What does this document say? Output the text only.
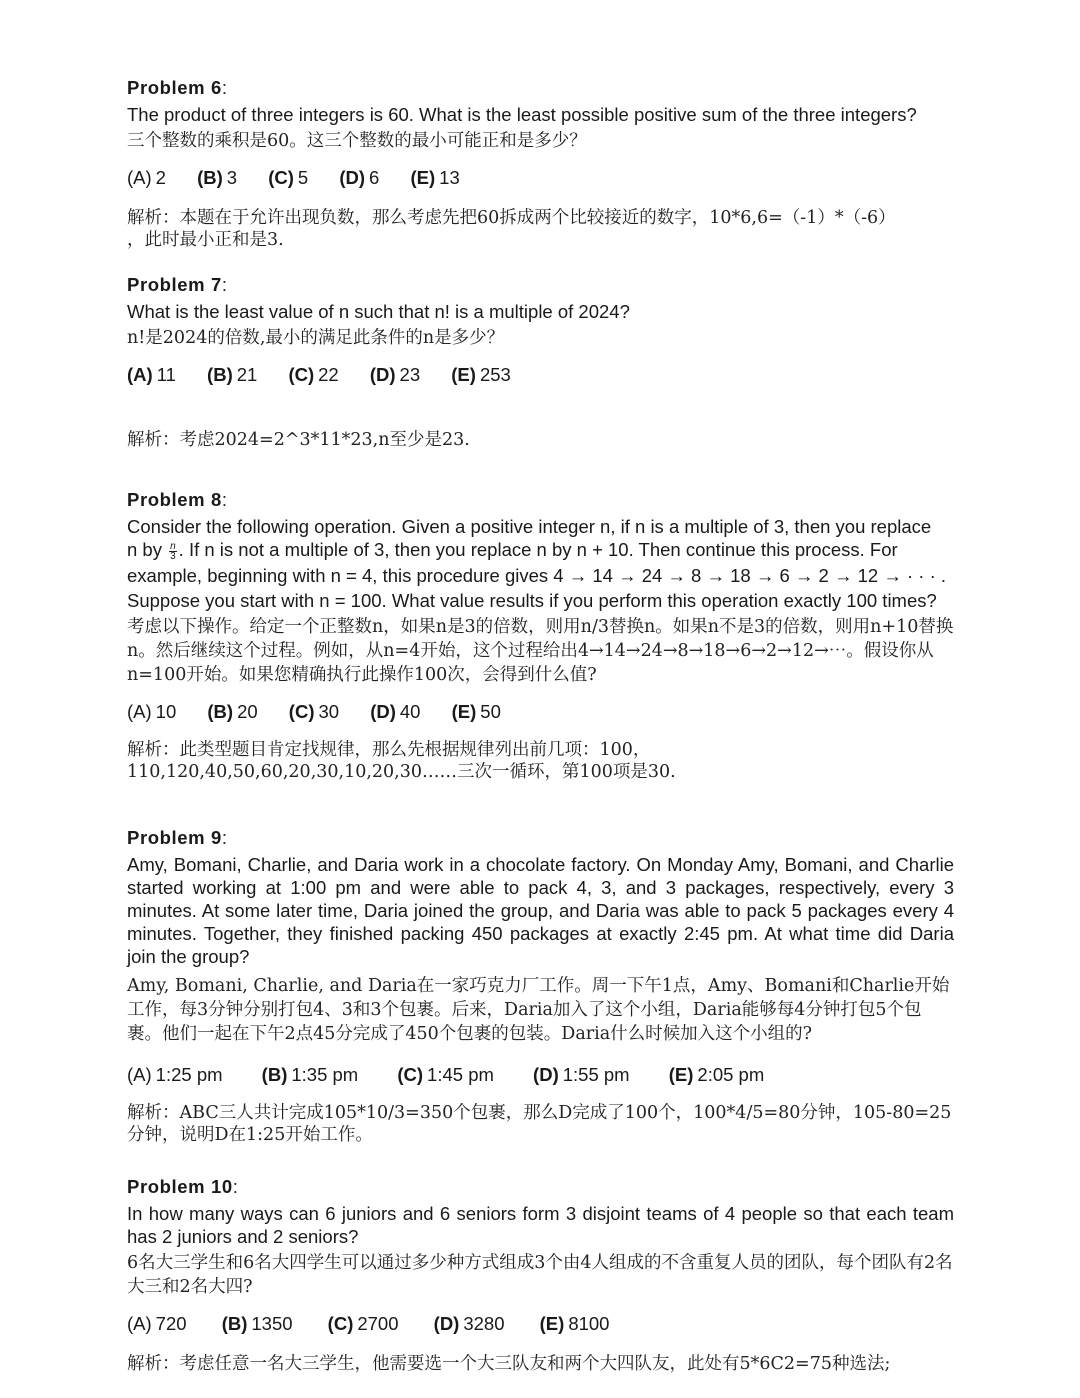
Problem 6:
The product of three integers is 60. What is the least possible positive sum of the three integers?
三个整数的乘积是60。这三个整数的最小可能正和是多少？
(A) 2 (B) 3 (C) 5 (D) 6 (E) 13
解析：本题在于允许出现负数，那么考虑先把60拆成两个比较接近的数字，10*6,6=（-1）*（-6）
，此时最小正和是3.
Problem 7:
What is the least value of n such that n! is a multiple of 2024?
n!是2024的倍数,最小的满足此条件的n是多少？
(A) 11 (B) 21 (C) 22 (D) 23 (E) 253
解析：考虑2024=2^3*11*23,n至少是23.
Problem 8:

Consider the following operation. Given a positive integer n, if n is a multiple of 3, then you replace

n by $\frac{n}{3}$ . If n is not a multiple of 3, then you replace n by n + 10. Then continue this process. For

example, beginning with n = 4, this procedure gives 4 → 14 → 24 → 8 → 18 → 6 → 2 → 12 → · · · .

Suppose you start with n = 100. What value results if you perform this operation exactly 100 times?

考虑以下操作。给定一个正整数n，如果n是3的倍数，则用n/3替换n。如果n不是3的倍数，则用n+10替换n。然后继续这个过程。例如，从n=4开始，这个过程给出4→14→24→8→18→6→2→12→⋯。假设你从n=100开始。如果您精确执行此操作100次，会得到什么值?
(A) 10 (B) 20 (C) 30 (D) 40 (E) 50
解析：此类型题目肯定找规律，那么先根据规律列出前几项：100，
110,120,40,50,60,20,30,10,20,30……三次一循环，第100项是30.
Problem 9:
Amy, Bomani, Charlie, and Daria work in a chocolate factory. On Monday Amy, Bomani, and Charlie started working at 1:00 pm and were able to pack 4, 3, and 3 packages, respectively, every 3 minutes. At some later time, Daria joined the group, and Daria was able to pack 5 packages every 4 minutes. Together, they finished packing 450 packages at exactly 2:45 pm. At what time did Daria join the group?
Amy, Bomani, Charlie, and Daria在一家巧克力厂工作。周一下午1点，Amy、Bomani和Charlie开始工作，每3分钟分别打包4、3和3个包裹。后来，Daria加入了这个小组，Daria能够每4分钟打包5个包裹。他们一起在下午2点45分完成了450个包裹的包装。Daria什么时候加入这个小组的?
(A) 1:25 pm (B) 1:35 pm (C) 1:45 pm (D) 1:55 pm (E) 2:05 pm
解析：ABC三人共计完成105*10/3=350个包裹，那么D完成了100个，100*4/5=80分钟，105-80=25
分钟，说明D在1:25开始工作。
Problem 10:
In how many ways can 6 juniors and 6 seniors form 3 disjoint teams of 4 people so that each team has 2 juniors and 2 seniors?
6名大三学生和6名大四学生可以通过多少种方式组成3个由4人组成的不含重复人员的团队，每个团队有2名大三和2名大四?
(A) 720 (B) 1350 (C) 2700 (D) 3280 (E) 8100
解析：考虑任意一名大三学生，他需要选一个大三队友和两个大四队友，此处有5*6C2=75种选法;
